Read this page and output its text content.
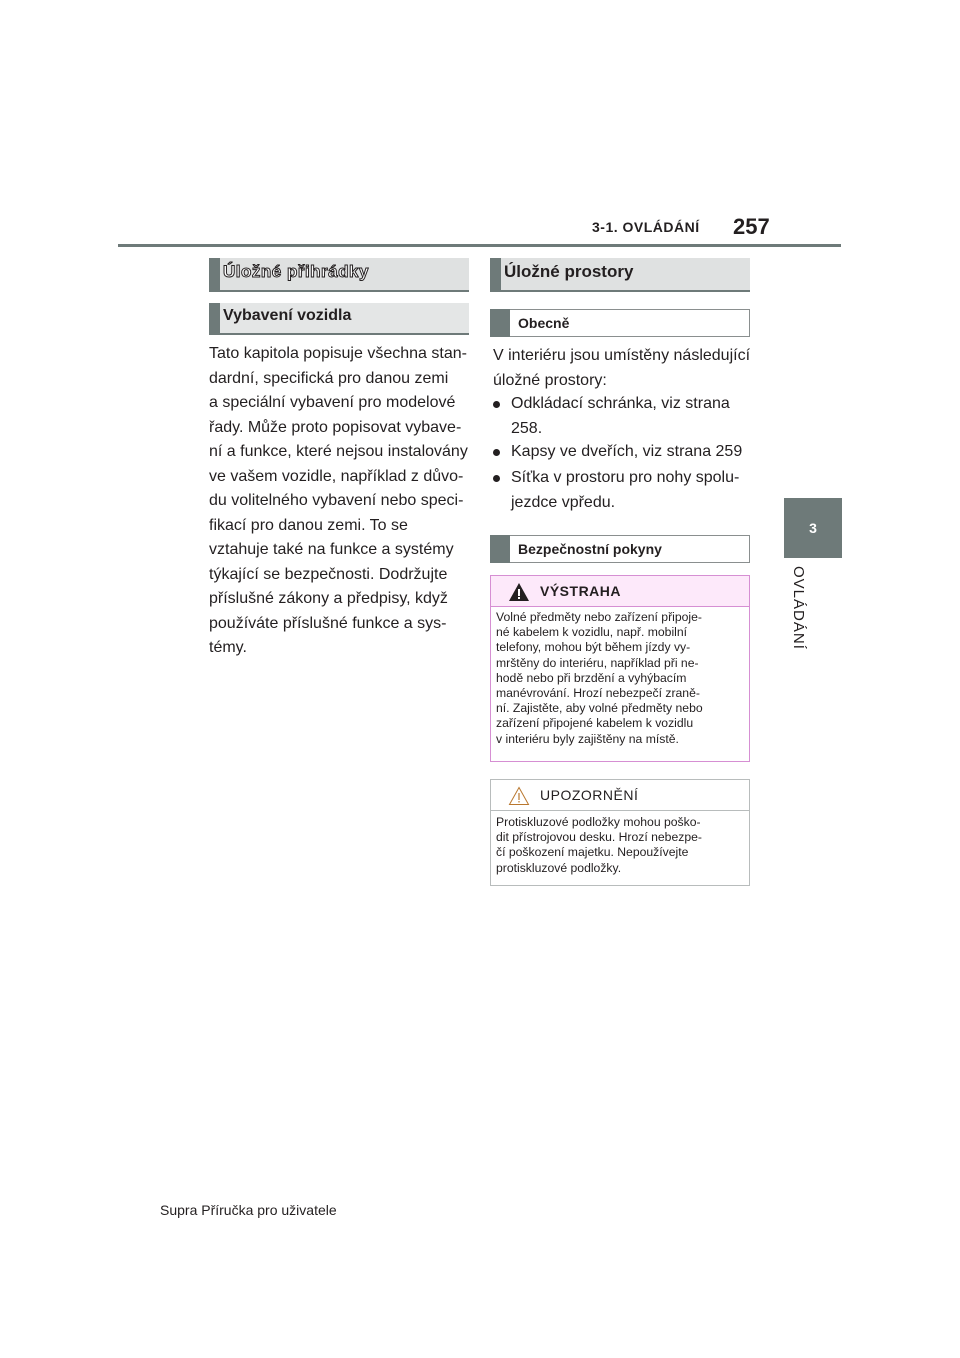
3-1. OVLÁDÁNÍ 257
3
OVLÁDÁNÍ
Úložné přihrádky
Vybavení vozidla
Tato kapitola popisuje všechna stan-
dardní, specifická pro danou zemi
a speciální vybavení pro modelové
řady. Může proto popisovat vybave-
ní a funkce, které nejsou instalovány
ve vašem vozidle, například z důvo-
du volitelného vybavení nebo speci-
fikací pro danou zemi. To se
vztahuje také na funkce a systémy
týkající se bezpečnosti. Dodržujte
příslušné zákony a předpisy, když
používáte příslušné funkce a sys-
témy.
Úložné prostory
Obecně
V interiéru jsou umístěny následující
úložné prostory:
Odkládací schránka, viz strana
258.
Kapsy ve dveřích, viz strana 259
Síťka v prostoru pro nohy spolu-
jezdce vpředu.
Bezpečnostní pokyny
VÝSTRAHA
Volné předměty nebo zařízení připoje-
né kabelem k vozidlu, např. mobilní
telefony, mohou být během jízdy vy-
mrštěny do interiéru, například při ne-
hodě nebo při brzdění a vyhýbacím
manévrování. Hrozí nebezpečí zraně-
ní. Zajistěte, aby volné předměty nebo
zařízení připojené kabelem k vozidlu
v interiéru byly zajištěny na místě.
UPOZORNĚNÍ
Protiskluzové podložky mohou poško-
dit přístrojovou desku. Hrozí nebezpe-
čí poškození majetku. Nepoužívejte
protiskluzové podložky.
Supra Příručka pro uživatele
